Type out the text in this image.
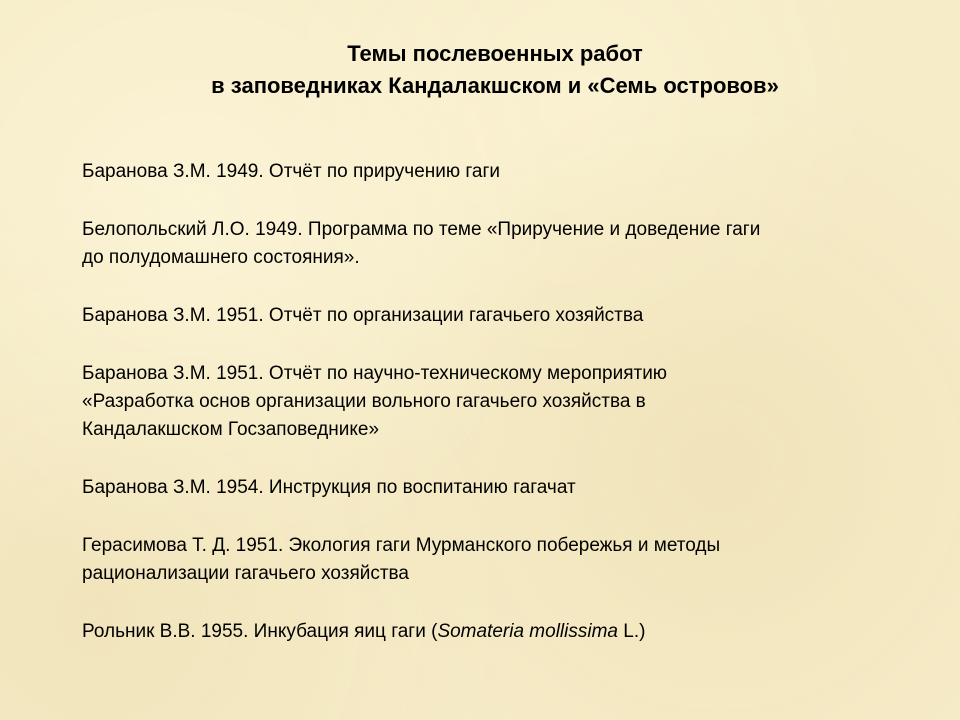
Темы послевоенных работ
в заповедниках Кандалакшском и «Семь островов»
Баранова З.М. 1949. Отчёт по приручению гаги
Белопольский Л.О. 1949. Программа по теме «Приручение и доведение гаги
до полудомашнего состояния».
Баранова З.М. 1951. Отчёт по организации гагачьего хозяйства
Баранова З.М. 1951. Отчёт по научно-техническому мероприятию
«Разработка основ организации вольного гагачьего хозяйства в
Кандалакшском Госзаповеднике»
Баранова З.М. 1954. Инструкция по воспитанию гагачат
Герасимова Т. Д. 1951. Экология гаги Мурманского побережья и методы
рационализации гагачьего хозяйства
Рольник В.В. 1955. Инкубация яиц гаги (Somateria mollissima L.)
